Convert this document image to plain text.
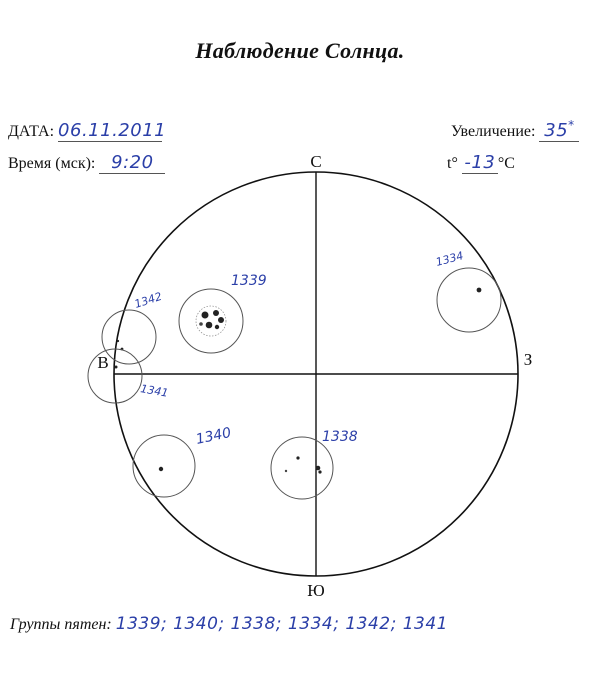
Наблюдение Солнца.
ДАТА: 06.11.2011
Время (мск): 9:20
Увеличение: 35*
t° -13 °C
С
Ю
В	З
1339
1334
1342
1341
1340	1338
Группы пятен: 1339; 1340; 1338; 1334; 1342; 1341
